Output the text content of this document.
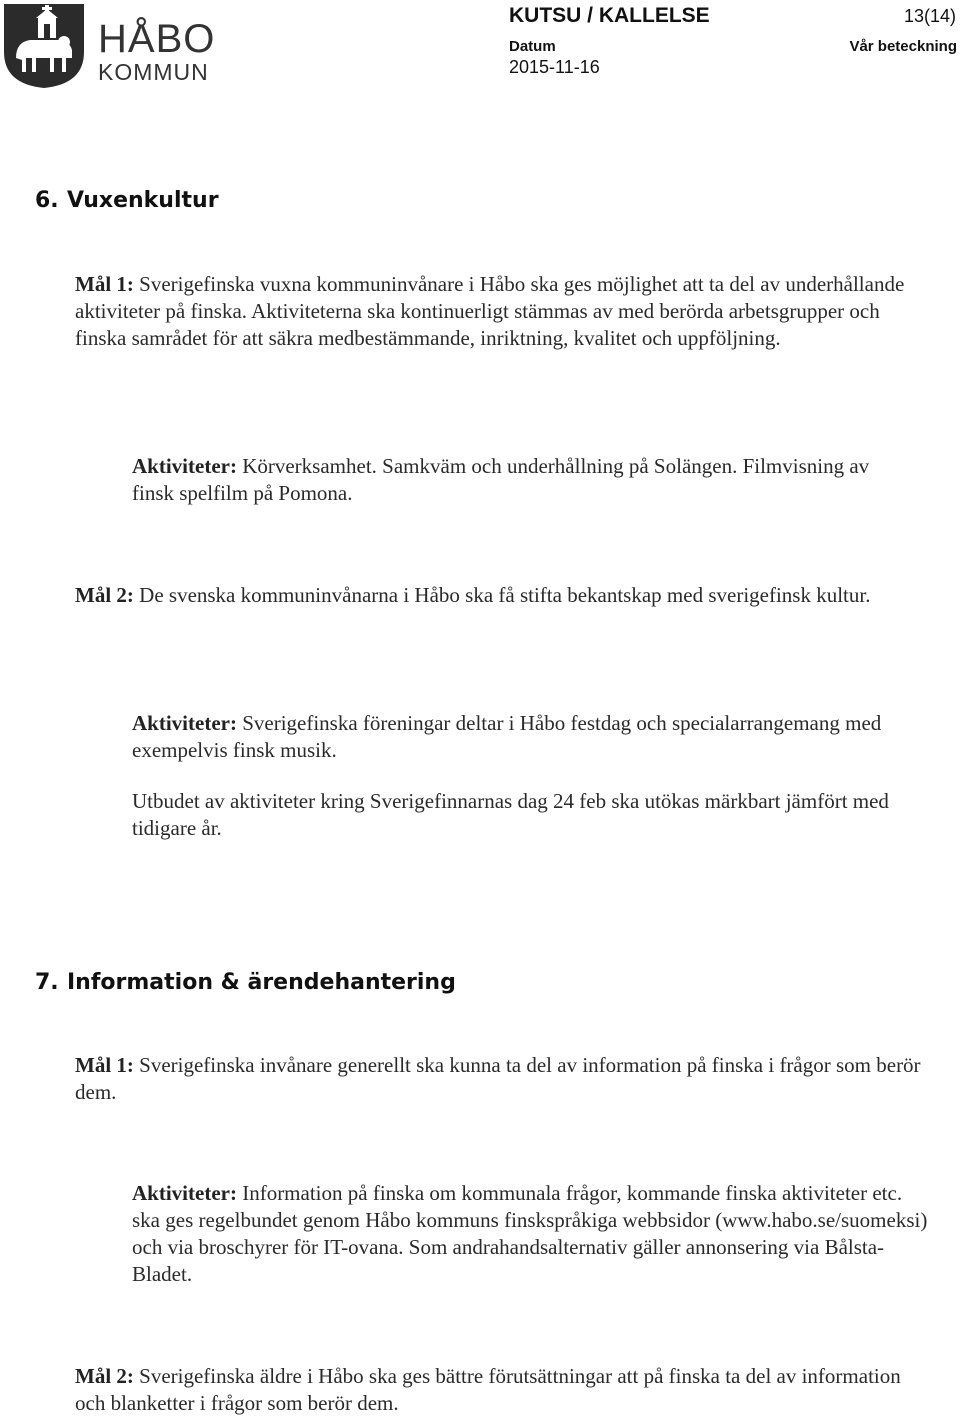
HÅBO
KOMMUN
KUTSU / KALLELSE	13(14)
Datum	Vår beteckning
2015-11-16
6. Vuxenkultur

Mål 1: Sverigefinska vuxna kommuninvånare i Håbo ska ges möjlighet att ta del av underhållande aktiviteter på finska. Aktiviteterna ska kontinuerligt stämmas av med berörda arbetsgrupper och finska samrådet för att säkra medbestämmande, inriktning, kvalitet och uppföljning.

Aktiviteter: Körverksamhet. Samkväm och underhållning på Solängen. Filmvisning av finsk spelfilm på Pomona.

Mål 2: De svenska kommuninvånarna i Håbo ska få stifta bekantskap med sverigefinsk kultur.

Aktiviteter: Sverigefinska föreningar deltar i Håbo festdag och specialarrangemang med exempelvis finsk musik.

Utbudet av aktiviteter kring Sverigefinnarnas dag 24 feb ska utökas märkbart jämfört med tidigare år.

7. Information & ärendehantering

Mål 1: Sverigefinska invånare generellt ska kunna ta del av information på finska i frågor som berör dem.

Aktiviteter: Information på finska om kommunala frågor, kommande finska aktiviteter etc. ska ges regelbundet genom Håbo kommuns finskspråkiga webbsidor (www.habo.se/suomeksi) och via broschyrer för IT-ovana. Som andrahandsalternativ gäller annonsering via Bålsta-Bladet.

Mål 2: Sverigefinska äldre i Håbo ska ges bättre förutsättningar att på finska ta del av information och blanketter i frågor som berör dem.
